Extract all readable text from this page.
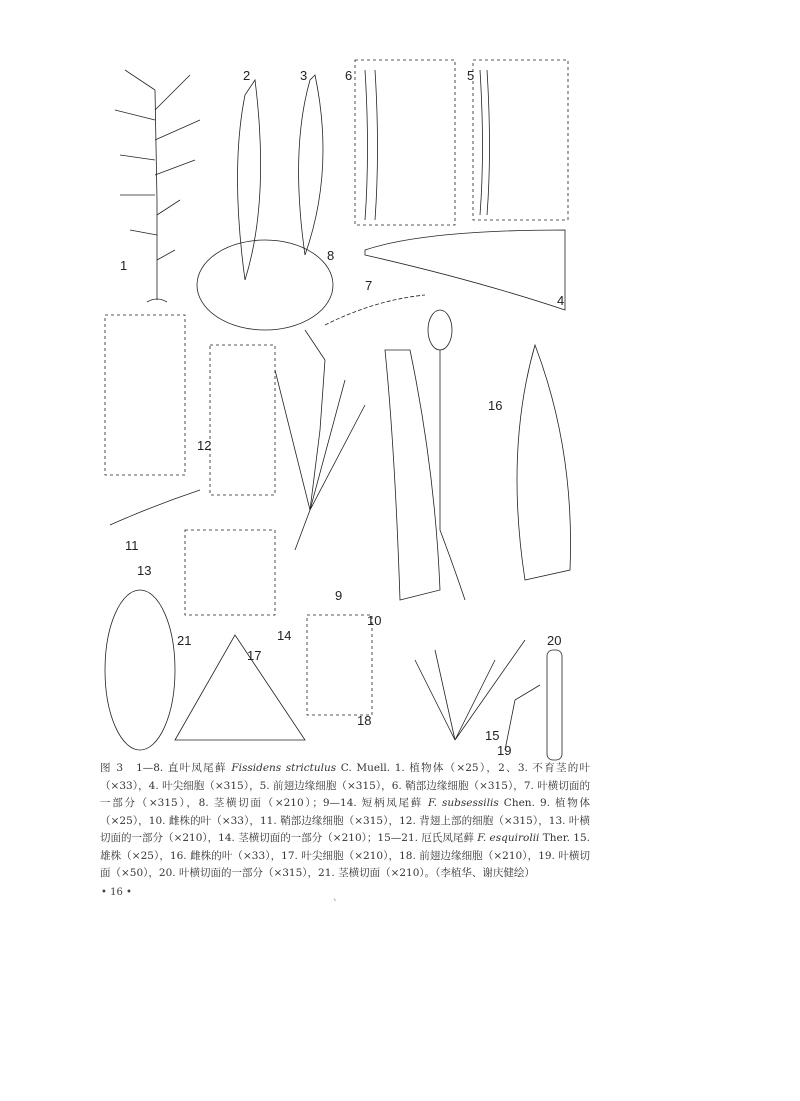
1
2	3
4
5
6
7
8
9
10
11
12
13
14
15
16
17
18
19
20
21
图 3　1—8. 直叶凤尾藓 Fissidens strictulus C. Muell. 1. 植物体（×25），2、3. 不育茎的叶（×33），4. 叶尖细胞（×315），5. 前翅边缘细胞（×315），6. 鞘部边缘细胞（×315），7. 叶横切面的一部分（×315），8. 茎横切面（×210）；9—14. 短柄凤尾藓 F. subsessilis Chen. 9. 植物体（×25），10. 雌株的叶（×33），11. 鞘部边缘细胞（×315），12. 背翅上部的细胞（×315），13. 叶横切面的一部分（×210），14. 茎横切面的一部分（×210）；15—21. 厄氏凤尾藓 F. esquirolii Ther. 15. 雄株（×25），16. 雌株的叶（×33），17. 叶尖细胞（×210），18. 前翅边缘细胞（×210），19. 叶横切面（×50），20. 叶横切面的一部分（×315），21. 茎横切面（×210）。（李植华、谢庆健绘）
• 16 •	、
